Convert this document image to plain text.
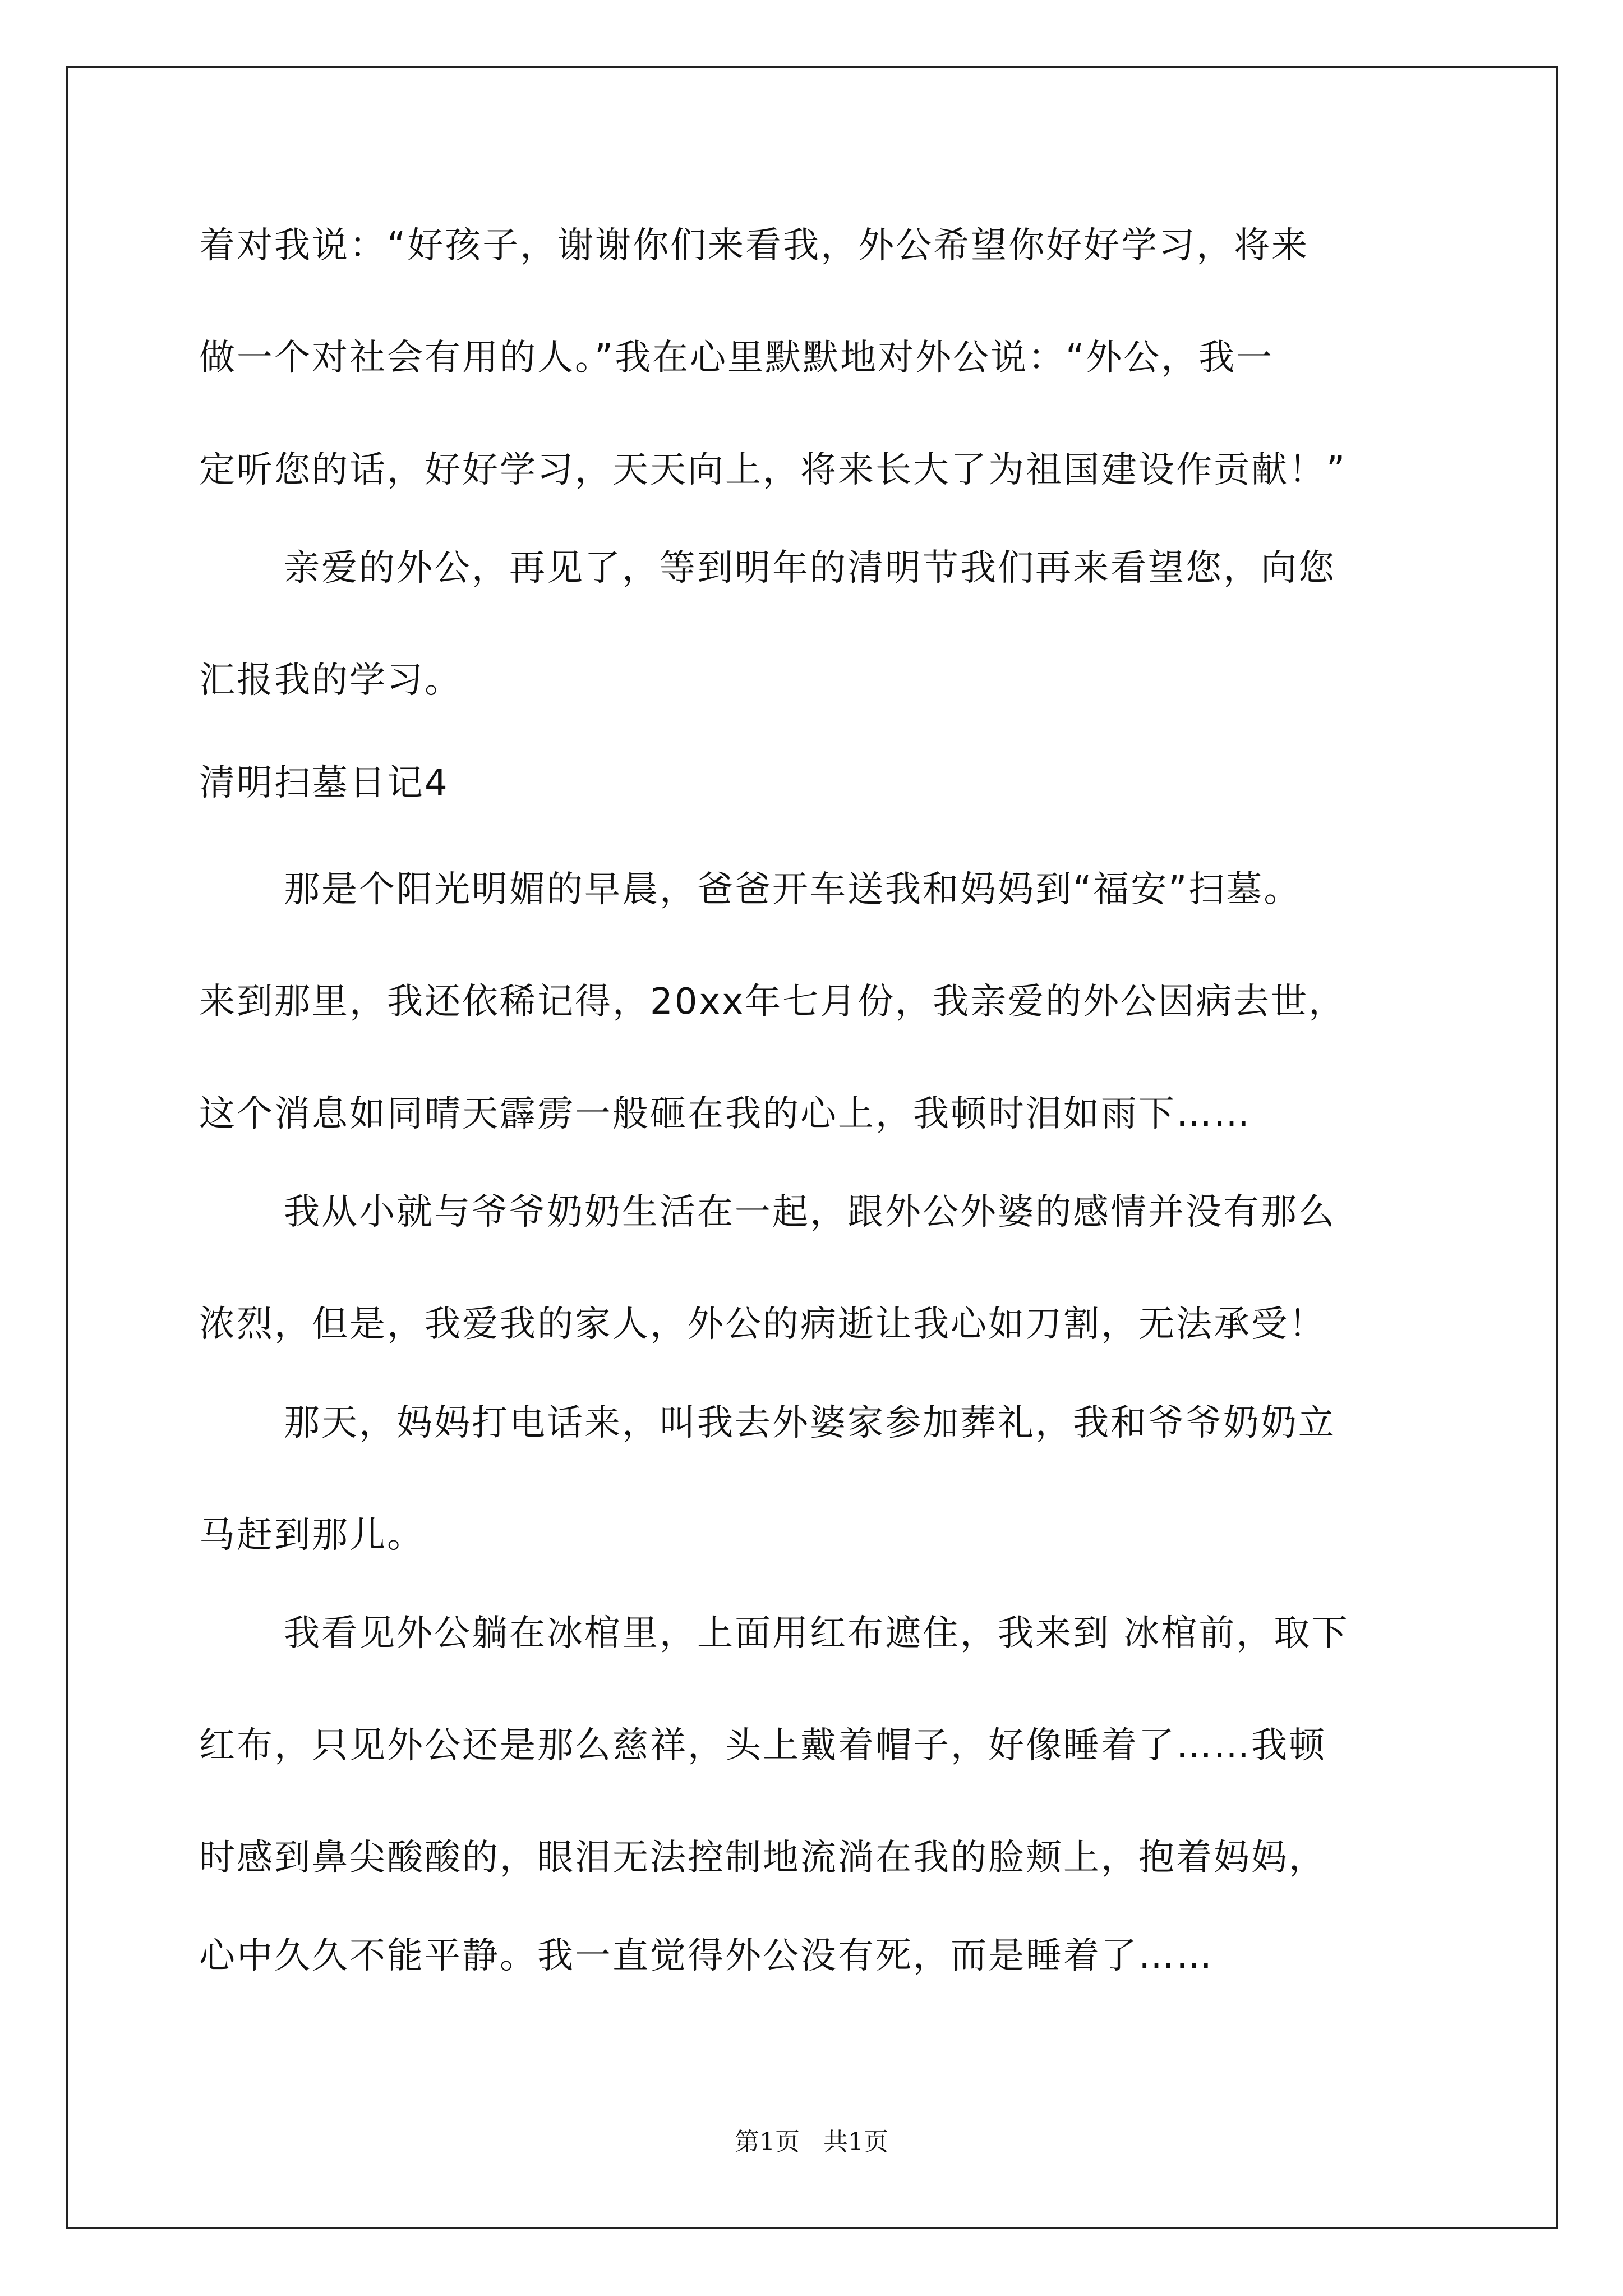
着对我说：“好孩子，谢谢你们来看我，外公希望你好好学习，将来
做一个对社会有用的人。”我在心里默默地对外公说：“外公，我一
定听您的话，好好学习，天天向上，将来长大了为祖国建设作贡献！”
亲爱的外公，再见了，等到明年的清明节我们再来看望您，向您
汇报我的学习。
清明扫墓日记4
那是个阳光明媚的早晨，爸爸开车送我和妈妈到“福安”扫墓。
来到那里，我还依稀记得，20xx年七月份，我亲爱的外公因病去世，
这个消息如同晴天霹雳一般砸在我的心上，我顿时泪如雨下……
我从小就与爷爷奶奶生活在一起，跟外公外婆的感情并没有那么
浓烈，但是，我爱我的家人，外公的病逝让我心如刀割，无法承受！
那天，妈妈打电话来，叫我去外婆家参加葬礼，我和爷爷奶奶立
马赶到那儿。
我看见外公躺在冰棺里，上面用红布遮住，我来到 冰棺前，取下
红布，只见外公还是那么慈祥，头上戴着帽子，好像睡着了……我顿
时感到鼻尖酸酸的，眼泪无法控制地流淌在我的脸颊上，抱着妈妈，
心中久久不能平静。我一直觉得外公没有死，而是睡着了……
第1页   共1页
